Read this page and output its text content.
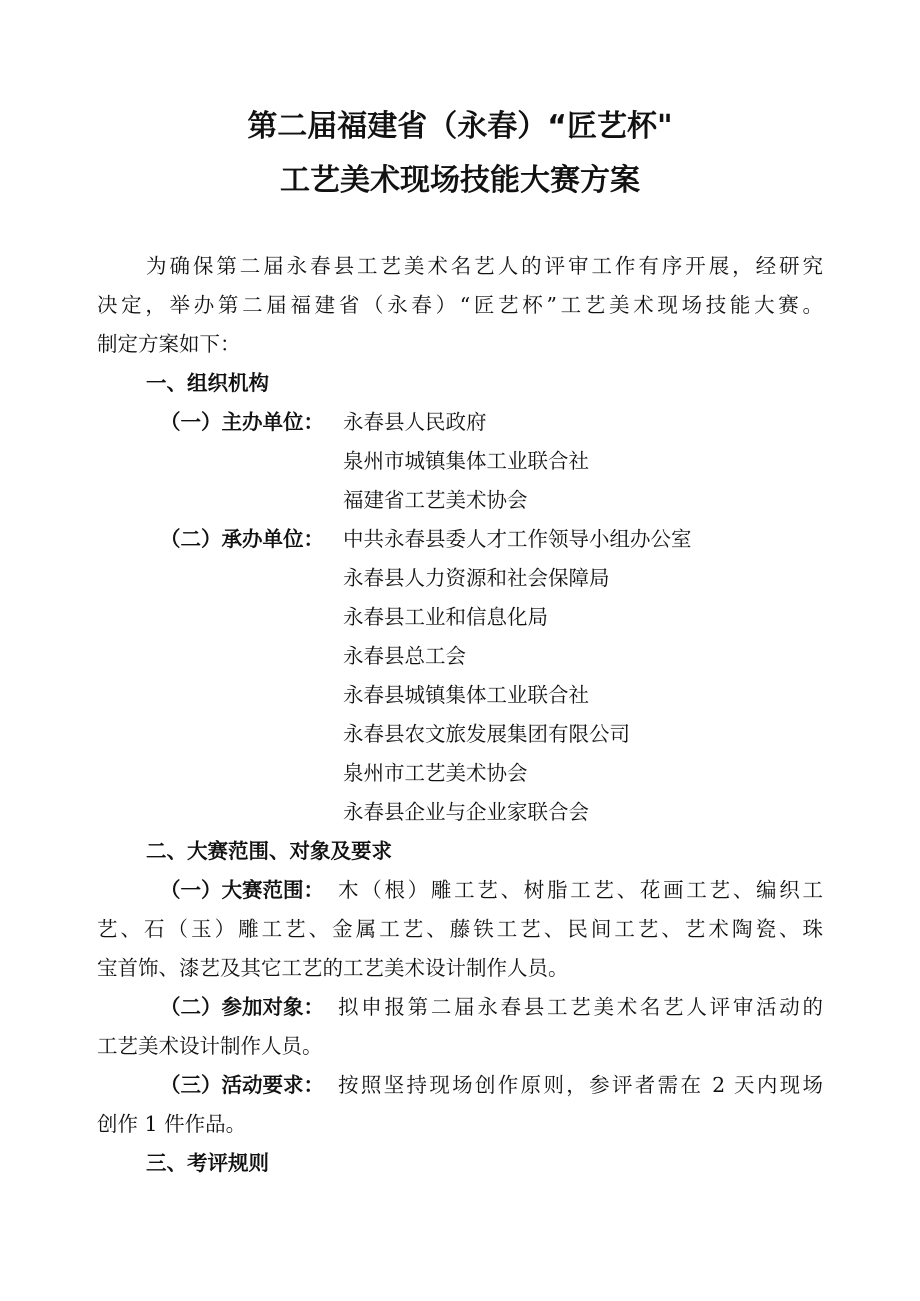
第二届福建省（永春）“匠艺杯"
工艺美术现场技能大赛方案
为确保第二届永春县工艺美术名艺人的评审工作有序开展，经研究
决定，举办第二届福建省（永春）“匠艺杯”工艺美术现场技能大赛。
制定方案如下：
一、组织机构
（一）主办单位： 永春县人民政府
泉州市城镇集体工业联合社
福建省工艺美术协会
（二）承办单位： 中共永春县委人才工作领导小组办公室
永春县人力资源和社会保障局
永春县工业和信息化局
永春县总工会
永春县城镇集体工业联合社
永春县农文旅发展集团有限公司
泉州市工艺美术协会
永春县企业与企业家联合会
二、大赛范围、对象及要求
（一）大赛范围： 木（根）雕工艺、树脂工艺、花画工艺、编织工
艺、石（玉）雕工艺、金属工艺、藤铁工艺、民间工艺、艺术陶瓷、珠
宝首饰、漆艺及其它工艺的工艺美术设计制作人员。
（二）参加对象： 拟申报第二届永春县工艺美术名艺人评审活动的
工艺美术设计制作人员。
（三）活动要求： 按照坚持现场创作原则，参评者需在 2 天内现场
创作 1 件作品。
三、考评规则
